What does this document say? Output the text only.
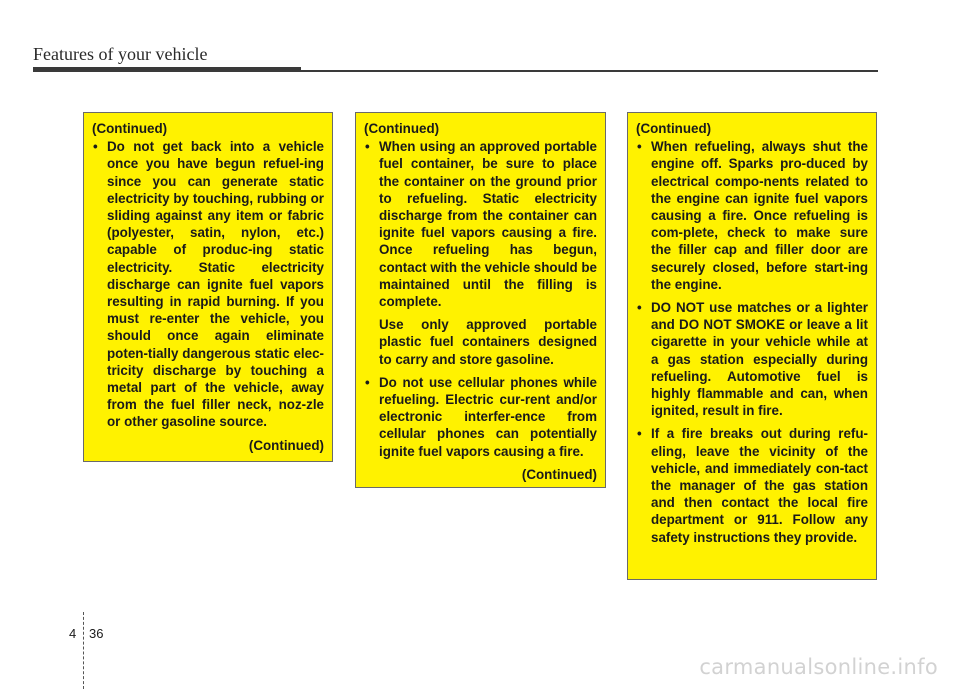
Features of your vehicle
(Continued)
• Do not get back into a vehicle once you have begun refuel-ing since you can generate static electricity by touching, rubbing or sliding against any item or fabric (polyester, satin, nylon, etc.) capable of produc-ing static electricity. Static electricity discharge can ignite fuel vapors resulting in rapid burning. If you must re-enter the vehicle, you should once again eliminate poten-tially dangerous static elec-tricity discharge by touching a metal part of the vehicle, away from the fuel filler neck, noz-zle or other gasoline source.
(Continued)
(Continued)
• When using an approved portable fuel container, be sure to place the container on the ground prior to refueling. Static electricity discharge from the container can ignite fuel vapors causing a fire. Once refueling has begun, contact with the vehicle should be maintained until the filling is complete.
Use only approved portable plastic fuel containers designed to carry and store gasoline.
• Do not use cellular phones while refueling. Electric cur-rent and/or electronic interfer-ence from cellular phones can potentially ignite fuel vapors causing a fire.
(Continued)
(Continued)
• When refueling, always shut the engine off. Sparks pro-duced by electrical compo-nents related to the engine can ignite fuel vapors causing a fire. Once refueling is com-plete, check to make sure the filler cap and filler door are securely closed, before start-ing the engine.
• DO NOT use matches or a lighter and DO NOT SMOKE or leave a lit cigarette in your vehicle while at a gas station especially during refueling. Automotive fuel is highly flammable and can, when ignited, result in fire.
• If a fire breaks out during refu-eling, leave the vicinity of the vehicle, and immediately con-tact the manager of the gas station and then contact the local fire department or 911. Follow any safety instructions they provide.
4 36
carmanualsonline.info
